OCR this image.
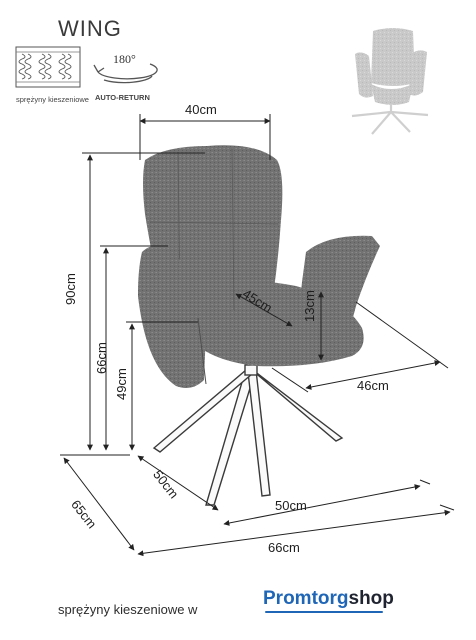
WING
sprężyny kieszeniowe
180°
AUTO-RETURN
40cm
90cm
66cm
49cm
45cm 13cm
46cm
50cm
50cm
65cm
66cm
sprężyny kieszeniowe w
Promtorgshop
